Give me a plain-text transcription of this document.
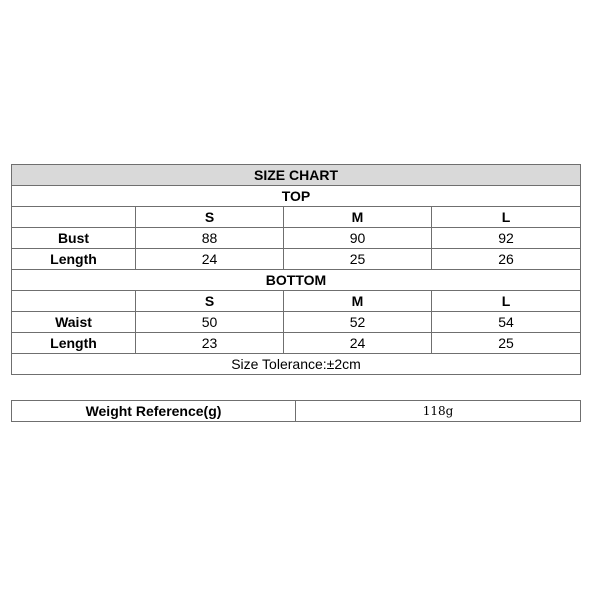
SIZE CHART			
TOP			
	S	M	L
Bust	88	90	92
Length	24	25	26
BOTTOM			
	S	M	L
Waist	50	52	54
Length	23	24	25
Size Tolerance:±2cm			
Weight Reference(g)	118g
